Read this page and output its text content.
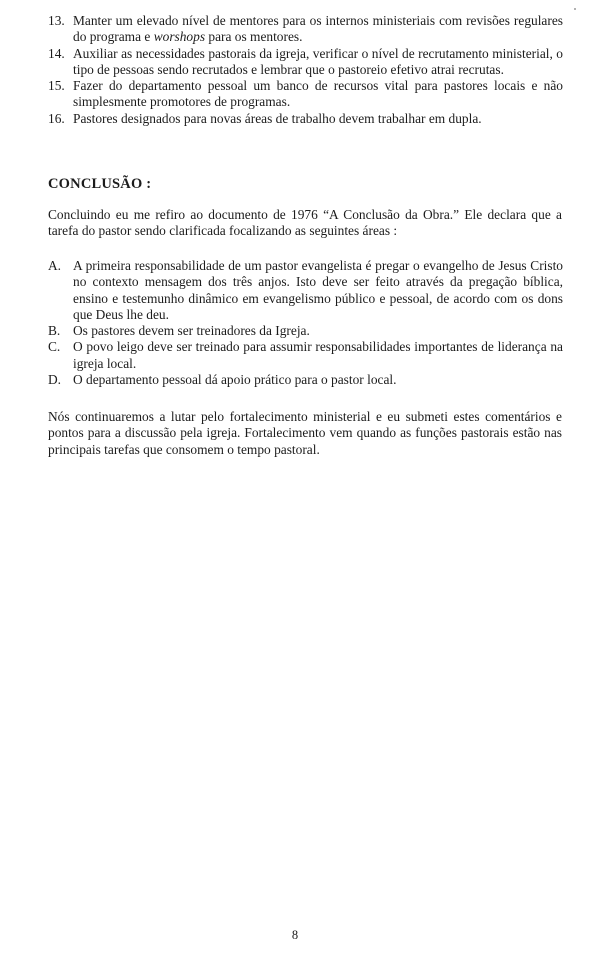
13. Manter um elevado nível de mentores para os internos ministeriais com revisões regulares do programa e worshops para os mentores.
14. Auxiliar as necessidades pastorais da igreja, verificar o nível de recrutamento ministerial, o tipo de pessoas sendo recrutados e lembrar que o pastoreio efetivo atrai recrutas.
15. Fazer do departamento pessoal um banco de recursos vital para pastores locais e não simplesmente promotores de programas.
16. Pastores designados para novas áreas de trabalho devem trabalhar em dupla.
CONCLUSÃO :

Concluindo eu me refiro ao documento de 1976 “A Conclusão da Obra.” Ele declara que a tarefa do pastor sendo clarificada focalizando as seguintes áreas :

A. A primeira responsabilidade de um pastor evangelista é pregar o evangelho de Jesus Cristo no contexto mensagem dos três anjos. Isto deve ser feito através da pregação bíblica, ensino e testemunho dinâmico em evangelismo público e pessoal, de acordo com os dons que Deus lhe deu.
B. Os pastores devem ser treinadores da Igreja.
C. O povo leigo deve ser treinado para assumir responsabilidades importantes de liderança na igreja local.
D. O departamento pessoal dá apoio prático para o pastor local.

Nós continuaremos a lutar pelo fortalecimento ministerial e eu submeti estes comentários e pontos para a discussão pela igreja. Fortalecimento vem quando as funções pastorais estão nas principais tarefas que consomem o tempo pastoral.

8
